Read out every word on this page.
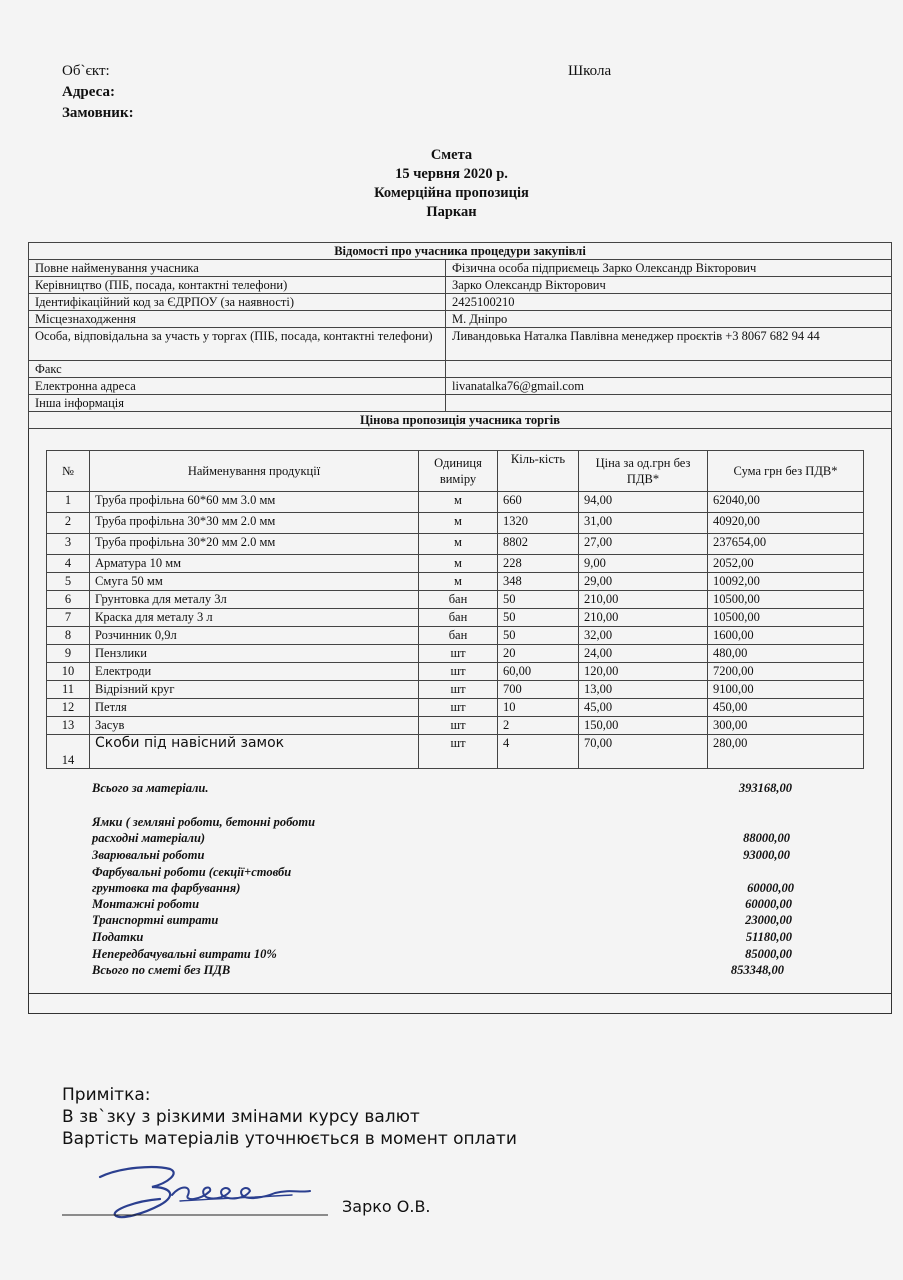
Об`єкт:	Школа
Адреса:
Замовник:
Смета
15 червня 2020 р.
Комерційна пропозиція
Паркан
Відомості про учасника процедури закупівлі	
Повне найменування учасника	Фізична особа підприємець Зарко Олександр Вікторович
Керівництво (ПІБ, посада, контактні телефони)	Зарко Олександр Вікторович
Ідентифікаційний код за ЄДРПОУ (за наявності)	2425100210
Місцезнаходження	М. Дніпро
Особа, відповідальна за участь у торгах (ПІБ, посада, контактні телефони)	Ливандовька Наталка Павлівна менеджер проєктів +3 8067 682 94 44
Факс	
Електронна адреса	livanatalka76@gmail.com
Інша інформація	
Цінова пропозиція учасника торгів	
№	Найменування продукції	Одиниця виміру	Кіль-кість	Ціна за од.грн без ПДВ*	Сума грн без ПДВ*
1	Труба профільна 60*60 мм 3.0 мм	м	660	94,00	62040,00
2	Труба профільна 30*30 мм 2.0 мм	м	1320	31,00	40920,00
3	Труба профільна 30*20 мм 2.0 мм	м	8802	27,00	237654,00
4	Арматура 10 мм	м	228	9,00	2052,00
5	Смуга 50 мм	м	348	29,00	10092,00
6	Грунтовка для металу 3л	бан	50	210,00	10500,00
7	Краска для металу 3 л	бан	50	210,00	10500,00
8	Розчинник 0,9л	бан	50	32,00	1600,00
9	Пензлики	шт	20	24,00	480,00
10	Електроди	шт	60,00	120,00	7200,00
11	Відрізний круг	шт	700	13,00	9100,00
12	Петля	шт	10	45,00	450,00
13	Засув	шт	2	150,00	300,00
14	Скоби під навісний замок	шт	4	70,00	280,00
Всього за матеріали.	393168,00
Ямки ( земляні роботи, бетонні роботи
расходні матеріали)	88000,00
Зварювальні роботи	93000,00
Фарбувальні роботи (секції+стовби
грунтовка та фарбування)	60000,00
Монтажні роботи	60000,00
Транспортні витрати	23000,00
Податки	51180,00
Непередбачувальні витрати 10%	85000,00
Всього по сметі без ПДВ	853348,00
Примітка:
В зв`зку з різкими змінами курсу валют
Вартість матеріалів уточнюється в момент оплати
Зарко О.В.
